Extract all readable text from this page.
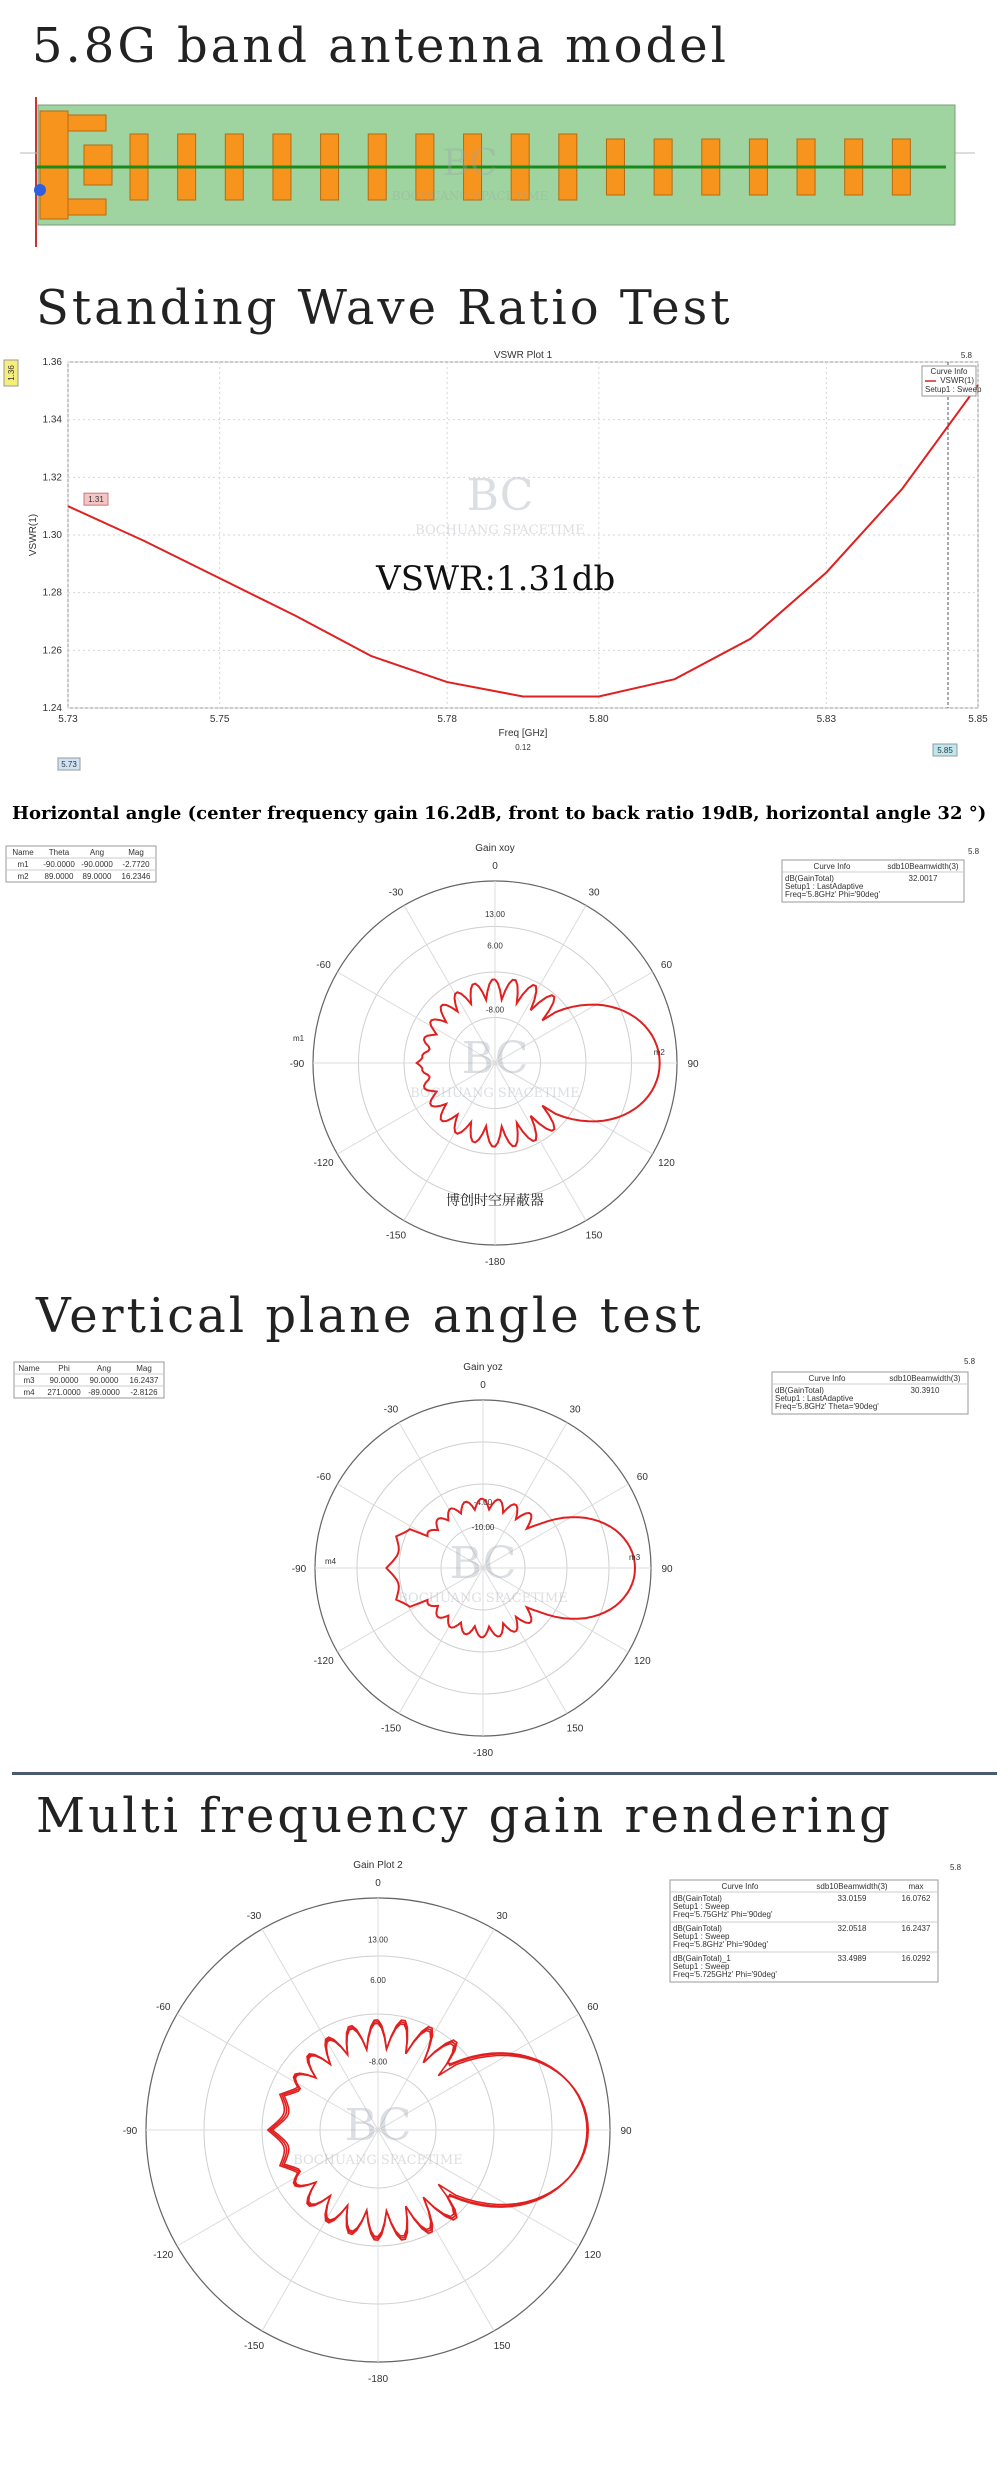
5.8G band antenna model
BC
BOCHUANG SPACETIME
Standing Wave Ratio Test
1.24
1.26
1.28
1.30
1.32
1.34
1.36
5.73	5.75	5.78	5.80	5.83	5.85
VSWR Plot 1
Freq [GHz]
VSWR(1)
0.12
1.36
5.8
5.73
5.85
BC
BOCHUANG SPACETIME
1.31
Curve Info
VSWR(1)
Setup1 : Sweep
VSWR:1.31db
Horizontal angle (center frequency gain 16.2dB, front to back ratio 19dB, horizontal angle 32 °)
0
30
60
90
120
150
-180
-150
-120
-90
-60
-30
13.00
6.00
-8.00
Gain xoy
BC
BOCHUANG SPACETIME
m1
m2
博创时空屏蔽器
Name Theta	Ang	Mag
m1 -90.0000 -90.0000 -2.7720
m2 89.0000 89.0000 16.2346
Curve Info	sdb10Beamwidth(3)
dB(GainTotal)
Setup1 : LastAdaptive
Freq='5.8GHz' Phi='90deg'
32.0017
5.8
Vertical plane angle test
0
30
60
90
120
150
-180
-150
-120
-90
-60
-30
-10.00
-4.00
Gain yoz
BC
BOCHUANG SPACETIME
m4	m3
Name Phi	Ang	Mag
m3 90.0000 90.0000 16.2437
m4 271.0000 -89.0000 -2.8126
Curve Info	sdb10Beamwidth(3)
dB(GainTotal)
Setup1 : LastAdaptive
Freq='5.8GHz' Theta='90deg'
30.3910
5.8
Multi frequency gain rendering
0
30
60
90
120
150
-180
-150
-120
-90
-60
-30
13.00
6.00
-8.00
Gain Plot 2
BC
BOCHUANG SPACETIME
Curve Info	sdb10Beamwidth(3)	max
dB(GainTotal)
Setup1 : Sweep
Freq='5.75GHz' Phi='90deg'
33.0159	16.0762
dB(GainTotal)
Setup1 : Sweep
Freq='5.8GHz' Phi='90deg'
32.0518	16.2437
dB(GainTotal)_1
Setup1 : Sweep
Freq='5.725GHz' Phi='90deg'
33.4989	16.0292
5.8
